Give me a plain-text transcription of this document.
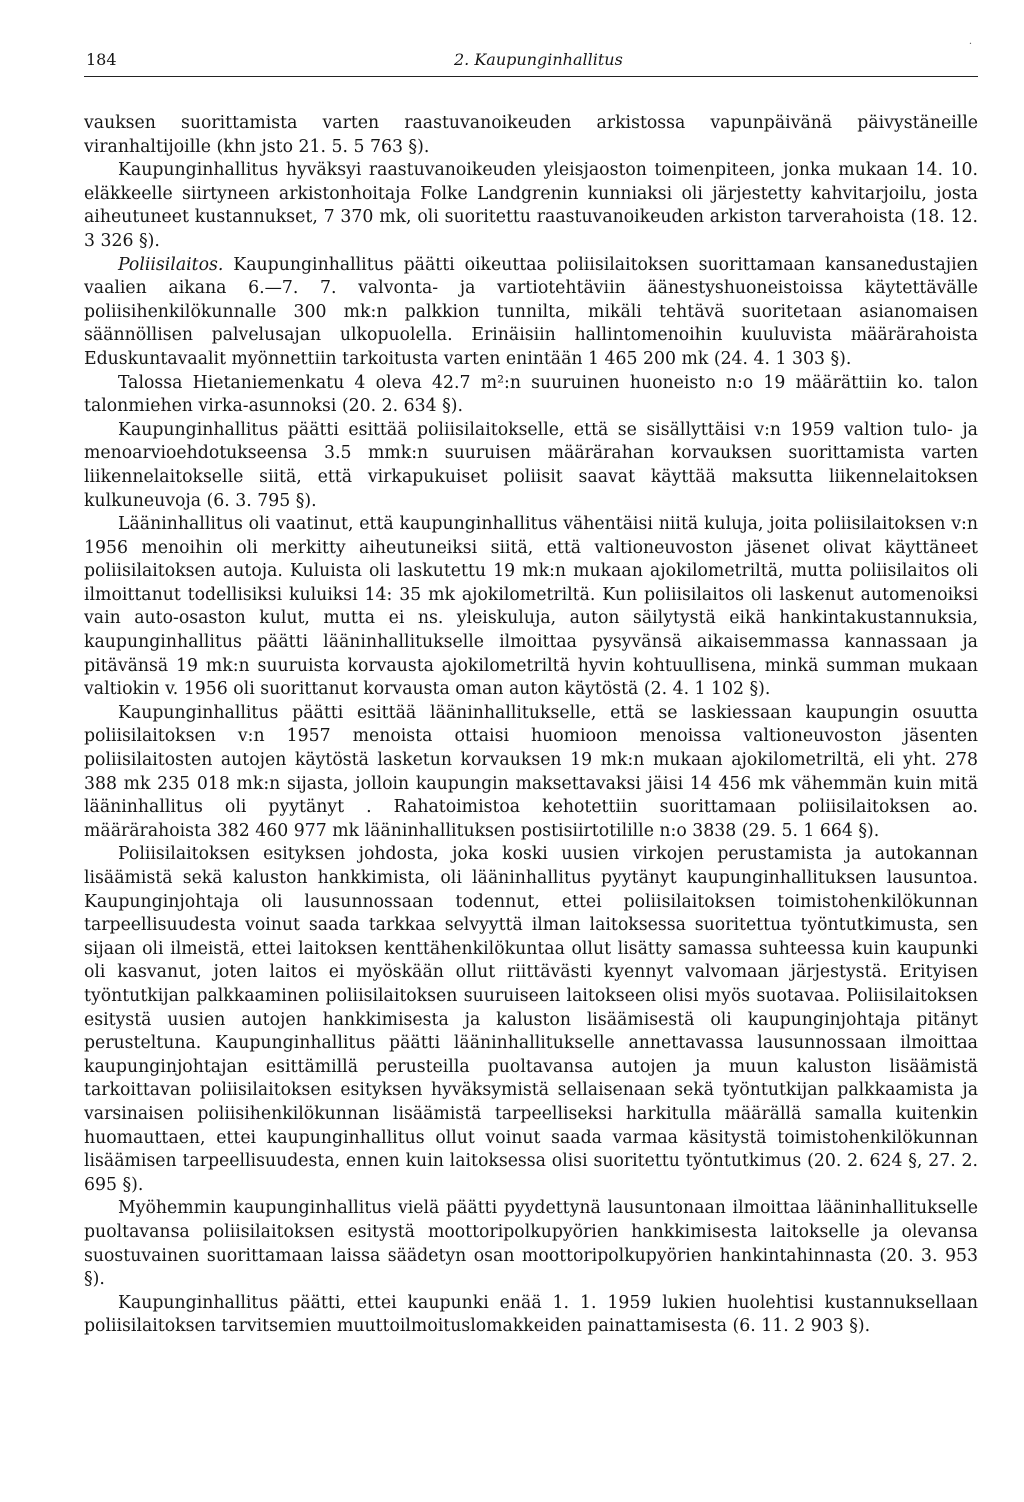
184	2. Kaupunginhallitus
.

vauksen suorittamista varten raastuvanoikeuden arkistossa vapunpäivänä päivystäneille viranhaltijoille (khn jsto 21. 5. 5 763 §).

Kaupunginhallitus hyväksyi raastuvanoikeuden yleisjaoston toimenpiteen, jonka mukaan 14. 10. eläkkeelle siirtyneen arkistonhoitaja Folke Landgrenin kunniaksi oli järjestetty kahvitarjoilu, josta aiheutuneet kustannukset, 7 370 mk, oli suoritettu raastuvanoikeuden arkiston tarverahoista (18. 12. 3 326 §).

Poliisilaitos. Kaupunginhallitus päätti oikeuttaa poliisilaitoksen suorittamaan kansanedustajien vaalien aikana 6.—7. 7. valvonta- ja vartiotehtäviin äänestyshuoneistoissa käytettävälle poliisihenkilökunnalle 300 mk:n palkkion tunnilta, mikäli tehtävä suoritetaan asianomaisen säännöllisen palvelusajan ulkopuolella. Erinäisiin hallintomenoihin kuuluvista määrärahoista Eduskuntavaalit myönnettiin tarkoitusta varten enintään 1 465 200 mk (24. 4. 1 303 §).

Talossa Hietaniemenkatu 4 oleva 42.7 m²:n suuruinen huoneisto n:o 19 määrättiin ko. talon talonmiehen virka-asunnoksi (20. 2. 634 §).

Kaupunginhallitus päätti esittää poliisilaitokselle, että se sisällyttäisi v:n 1959 valtion tulo- ja menoarvioehdotukseensa 3.5 mmk:n suuruisen määrärahan korvauksen suorittamista varten liikennelaitokselle siitä, että virkapukuiset poliisit saavat käyttää maksutta liikennelaitoksen kulkuneuvoja (6. 3. 795 §).

Lääninhallitus oli vaatinut, että kaupunginhallitus vähentäisi niitä kuluja, joita poliisilaitoksen v:n 1956 menoihin oli merkitty aiheutuneiksi siitä, että valtioneuvoston jäsenet olivat käyttäneet poliisilaitoksen autoja. Kuluista oli laskutettu 19 mk:n mukaan ajokilometriltä, mutta poliisilaitos oli ilmoittanut todellisiksi kuluiksi 14: 35 mk ajokilometriltä. Kun poliisilaitos oli laskenut automenoiksi vain auto-osaston kulut, mutta ei ns. yleiskuluja, auton säilytystä eikä hankintakustannuksia, kaupunginhallitus päätti lääninhallitukselle ilmoittaa pysyvänsä aikaisemmassa kannassaan ja pitävänsä 19 mk:n suuruista korvausta ajokilometriltä hyvin kohtuullisena, minkä summan mukaan valtiokin v. 1956 oli suorittanut korvausta oman auton käytöstä (2. 4. 1 102 §).

Kaupunginhallitus päätti esittää lääninhallitukselle, että se laskiessaan kaupungin osuutta poliisilaitoksen v:n 1957 menoista ottaisi huomioon menoissa valtioneuvoston jäsenten poliisilaitosten autojen käytöstä lasketun korvauksen 19 mk:n mukaan ajokilometriltä, eli yht. 278 388 mk 235 018 mk:n sijasta, jolloin kaupungin maksettavaksi jäisi 14 456 mk vähemmän kuin mitä lääninhallitus oli pyytänyt . Rahatoimistoa kehotettiin suorittamaan poliisilaitoksen ao. määrärahoista 382 460 977 mk lääninhallituksen postisiirtotilille n:o 3838 (29. 5. 1 664 §).

Poliisilaitoksen esityksen johdosta, joka koski uusien virkojen perustamista ja autokannan lisäämistä sekä kaluston hankkimista, oli lääninhallitus pyytänyt kaupunginhallituksen lausuntoa. Kaupunginjohtaja oli lausunnossaan todennut, ettei poliisilaitoksen toimistohenkilökunnan tarpeellisuudesta voinut saada tarkkaa selvyyttä ilman laitoksessa suoritettua työntutkimusta, sen sijaan oli ilmeistä, ettei laitoksen kenttähenkilökuntaa ollut lisätty samassa suhteessa kuin kaupunki oli kasvanut, joten laitos ei myöskään ollut riittävästi kyennyt valvomaan järjestystä. Erityisen työntutkijan palkkaaminen poliisilaitoksen suuruiseen laitokseen olisi myös suotavaa. Poliisilaitoksen esitystä uusien autojen hankkimisesta ja kaluston lisäämisestä oli kaupunginjohtaja pitänyt perusteltuna. Kaupunginhallitus päätti lääninhallitukselle annettavassa lausunnossaan ilmoittaa kaupunginjohtajan esittämillä perusteilla puoltavansa autojen ja muun kaluston lisäämistä tarkoittavan poliisilaitoksen esityksen hyväksymistä sellaisenaan sekä työntutkijan palkkaamista ja varsinaisen poliisihenkilökunnan lisäämistä tarpeelliseksi harkitulla määrällä samalla kuitenkin huomauttaen, ettei kaupunginhallitus ollut voinut saada varmaa käsitystä toimistohenkilökunnan lisäämisen tarpeellisuudesta, ennen kuin laitoksessa olisi suoritettu työntutkimus (20. 2. 624 §, 27. 2. 695 §).

Myöhemmin kaupunginhallitus vielä päätti pyydettynä lausuntonaan ilmoittaa lääninhallitukselle puoltavansa poliisilaitoksen esitystä moottoripolkupyörien hankkimisesta laitokselle ja olevansa suostuvainen suorittamaan laissa säädetyn osan moottoripolkupyörien hankintahinnasta (20. 3. 953 §).

Kaupunginhallitus päätti, ettei kaupunki enää 1. 1. 1959 lukien huolehtisi kustannuksellaan poliisilaitoksen tarvitsemien muuttoilmoituslomakkeiden painattamisesta (6. 11. 2 903 §).
